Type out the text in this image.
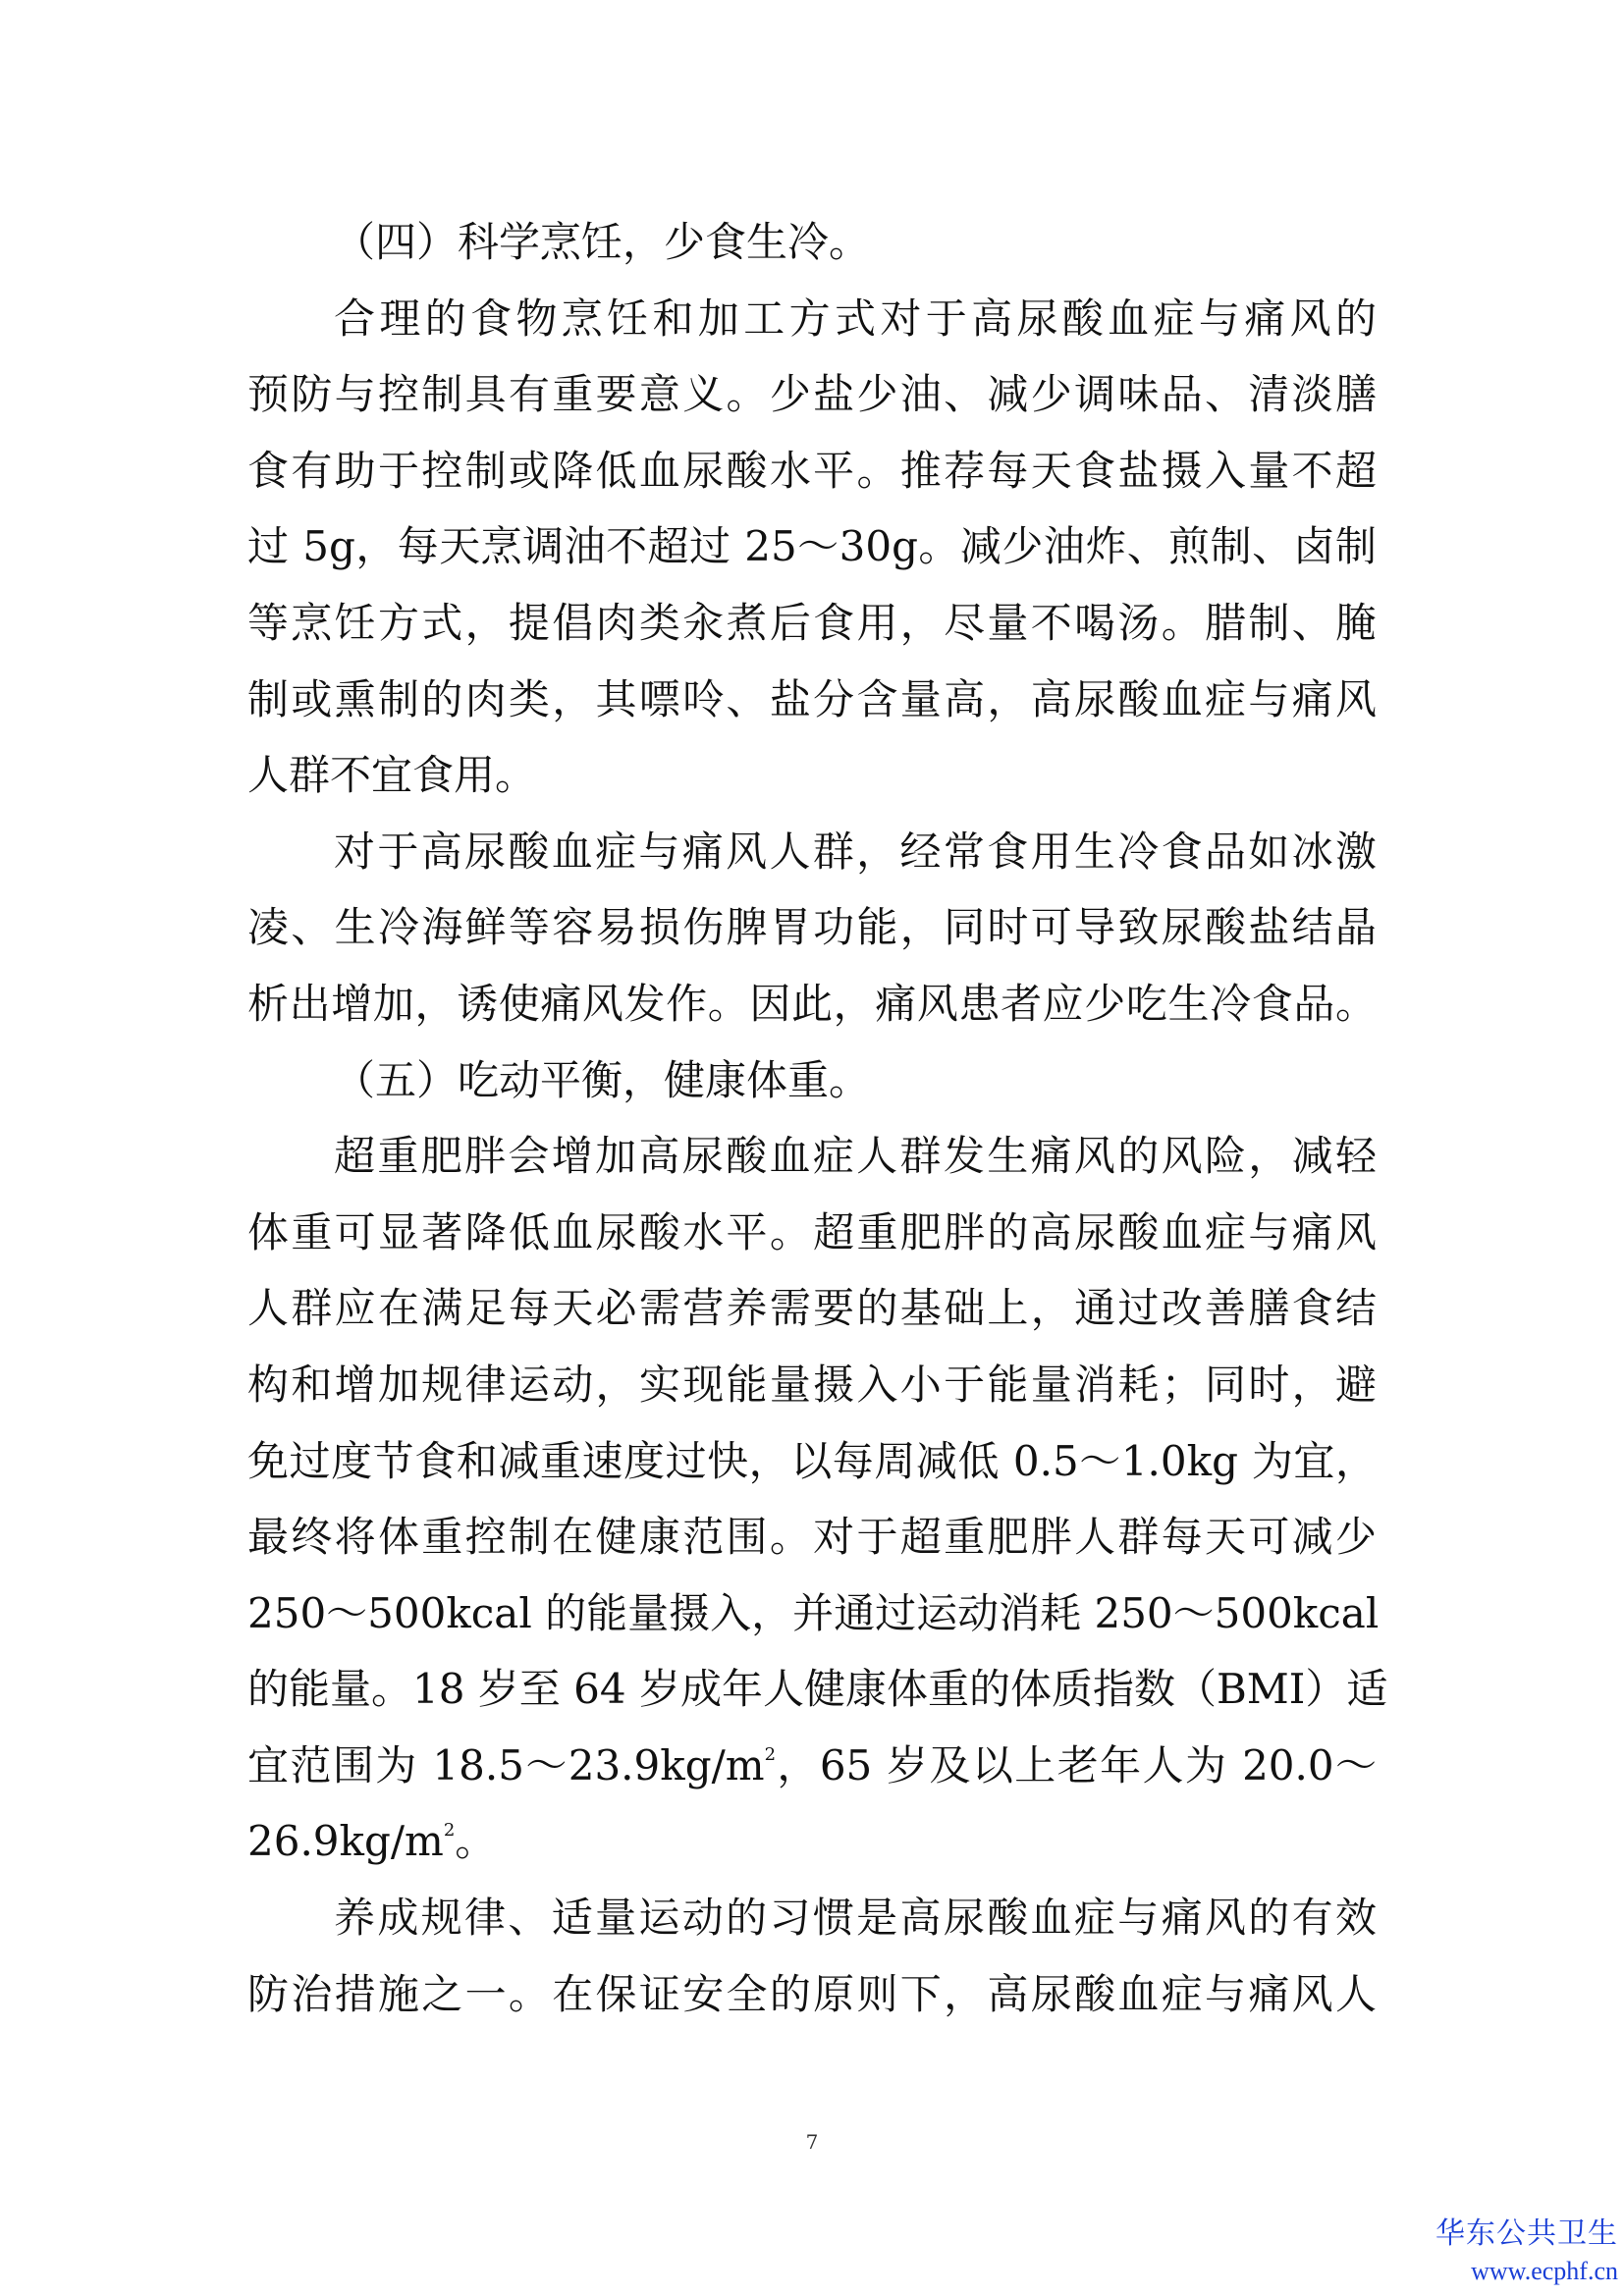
（四）科学烹饪，少食生冷。
合理的食物烹饪和加工方式对于高尿酸血症与痛风的
预防与控制具有重要意义。少盐少油、减少调味品、清淡膳
食有助于控制或降低血尿酸水平。推荐每天食盐摄入量不超
过 5g，每天烹调油不超过 25～30g。减少油炸、煎制、卤制
等烹饪方式，提倡肉类汆煮后食用，尽量不喝汤。腊制、腌
制或熏制的肉类，其嘌呤、盐分含量高，高尿酸血症与痛风
人群不宜食用。
对于高尿酸血症与痛风人群，经常食用生冷食品如冰激
凌、生冷海鲜等容易损伤脾胃功能，同时可导致尿酸盐结晶
析出增加，诱使痛风发作。因此，痛风患者应少吃生冷食品。
（五）吃动平衡，健康体重。
超重肥胖会增加高尿酸血症人群发生痛风的风险，减轻
体重可显著降低血尿酸水平。超重肥胖的高尿酸血症与痛风
人群应在满足每天必需营养需要的基础上，通过改善膳食结
构和增加规律运动，实现能量摄入小于能量消耗；同时，避
免过度节食和减重速度过快，以每周减低 0.5～1.0kg 为宜，
最终将体重控制在健康范围。对于超重肥胖人群每天可减少
250～500kcal 的能量摄入，并通过运动消耗 250～500kcal
的能量。18 岁至 64 岁成年人健康体重的体质指数（BMI）适
宜范围为 $18.5\sim 23.9kg/m^2$，65 岁及以上老年人为 20.0～
$26.9kg/m^2$。
养成规律、适量运动的习惯是高尿酸血症与痛风的有效
防治措施之一。在保证安全的原则下，高尿酸血症与痛风人
7
华东公共卫生
www.ecphf.cn
